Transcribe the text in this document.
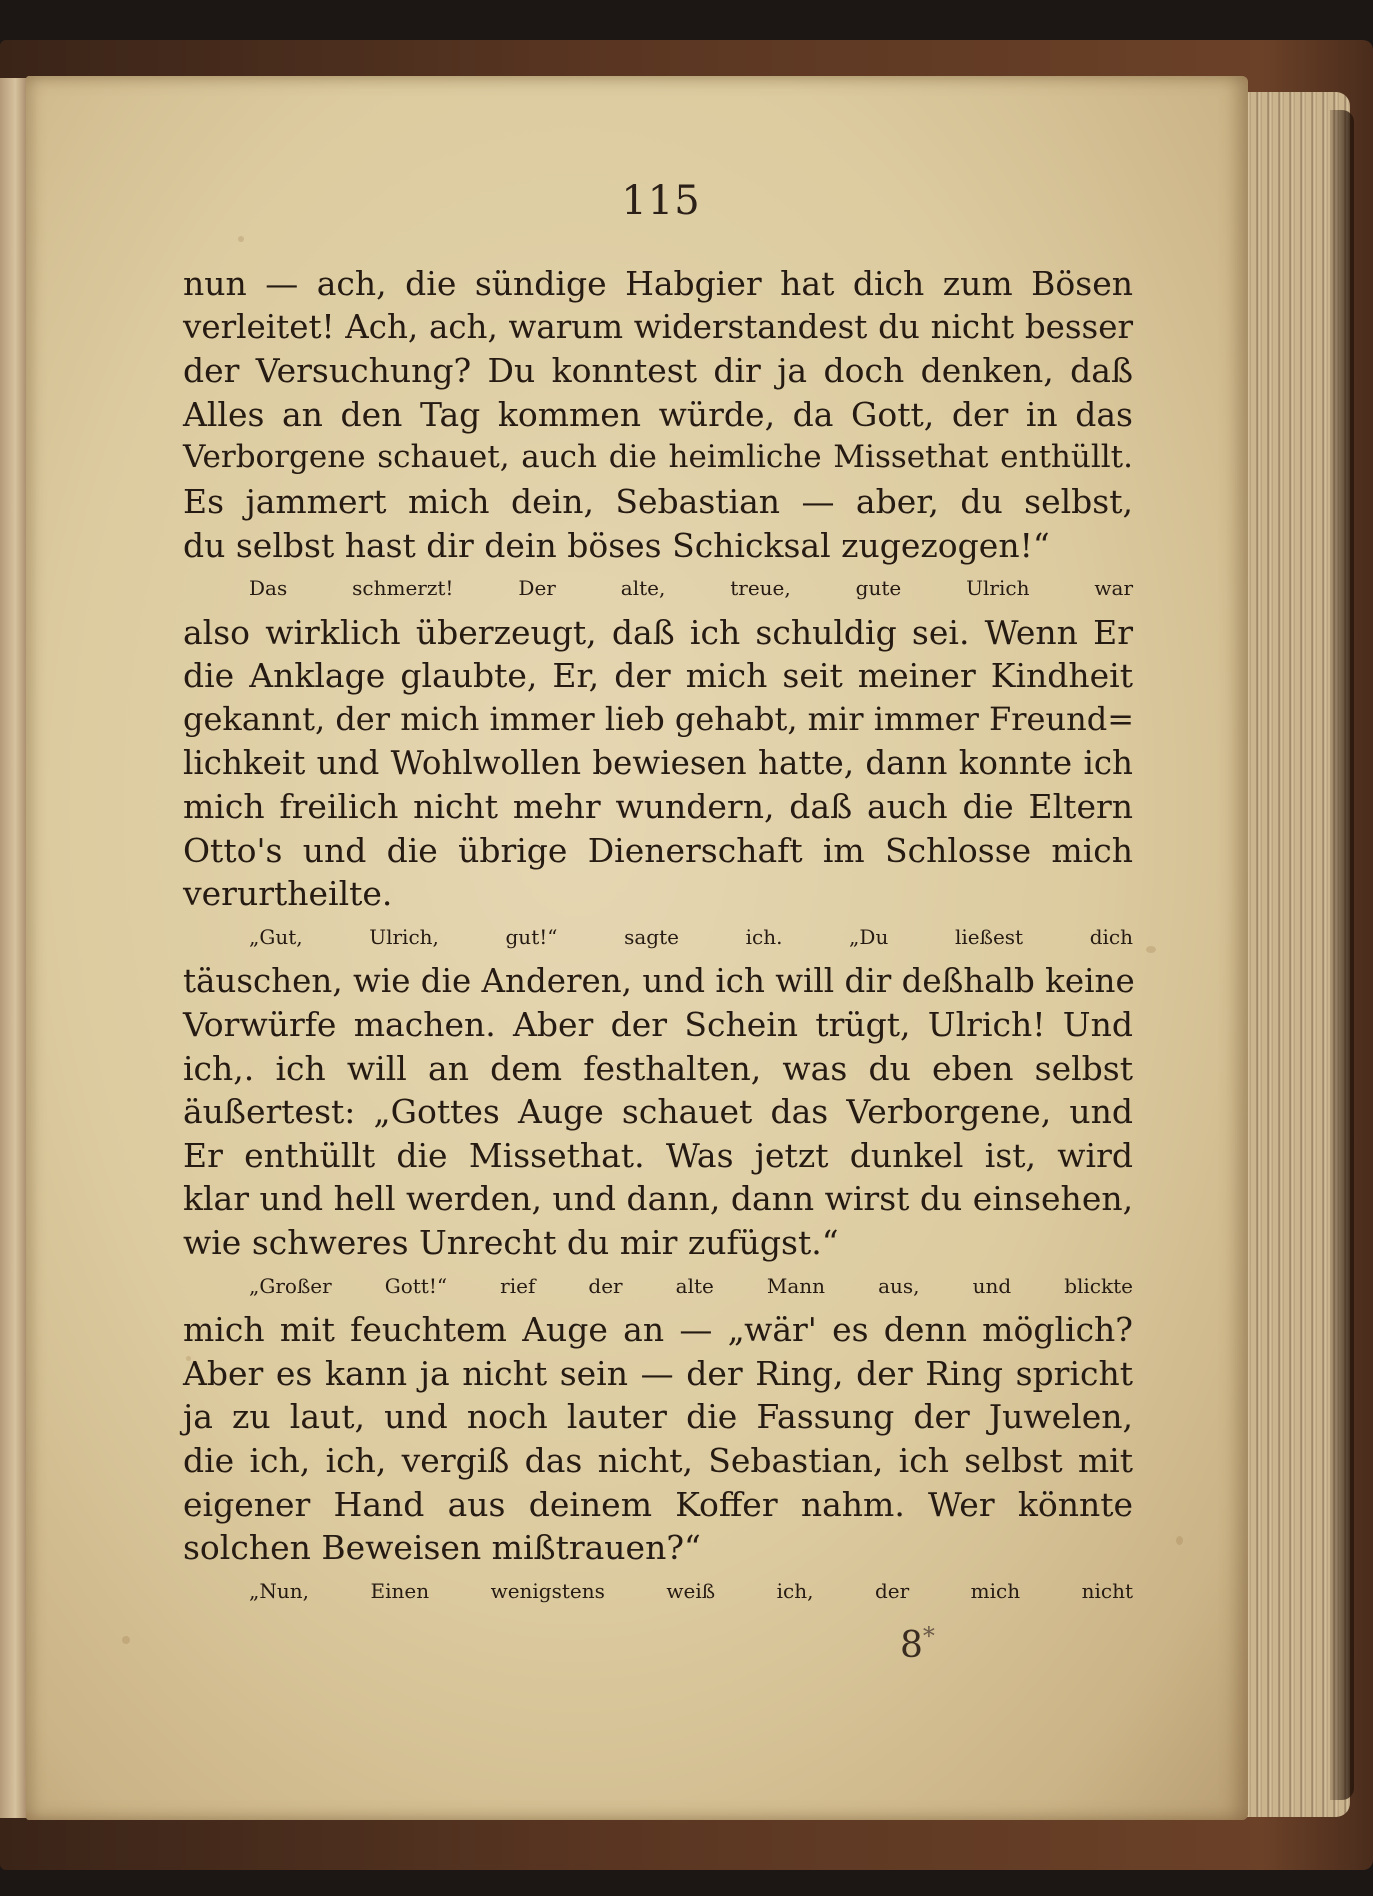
115

nun — ach, die sündige Habgier hat dich zum Bösen
verleitet! Ach, ach, warum widerstandest du nicht besser
der Versuchung? Du konntest dir ja doch denken, daß
Alles an den Tag kommen würde, da Gott, der in das
Verborgene schauet, auch die heimliche Missethat enthüllt.
Es jammert mich dein, Sebastian — aber, du selbst,
du selbst hast dir dein böses Schicksal zugezogen!“
Das schmerzt! Der alte, treue, gute Ulrich war
also wirklich überzeugt, daß ich schuldig sei. Wenn Er
die Anklage glaubte, Er, der mich seit meiner Kindheit
gekannt, der mich immer lieb gehabt, mir immer Freund=
lichkeit und Wohlwollen bewiesen hatte, dann konnte ich
mich freilich nicht mehr wundern, daß auch die Eltern
Otto's und die übrige Dienerschaft im Schlosse mich
verurtheilte.
„Gut, Ulrich, gut!“ sagte ich. „Du ließest dich
täuschen, wie die Anderen, und ich will dir deßhalb keine
Vorwürfe machen. Aber der Schein trügt, Ulrich! Und
ich,. ich will an dem festhalten, was du eben selbst
äußertest: „Gottes Auge schauet das Verborgene, und
Er enthüllt die Missethat. Was jetzt dunkel ist, wird
klar und hell werden, und dann, dann wirst du einsehen,
wie schweres Unrecht du mir zufügst.“
„Großer Gott!“ rief der alte Mann aus, und blickte
mich mit feuchtem Auge an — „wär' es denn möglich?
Aber es kann ja nicht sein — der Ring, der Ring spricht
ja zu laut, und noch lauter die Fassung der Juwelen,
die ich, ich, vergiß das nicht, Sebastian, ich selbst mit
eigener Hand aus deinem Koffer nahm. Wer könnte
solchen Beweisen mißtrauen?“
„Nun, Einen wenigstens weiß ich, der mich nicht

8*
